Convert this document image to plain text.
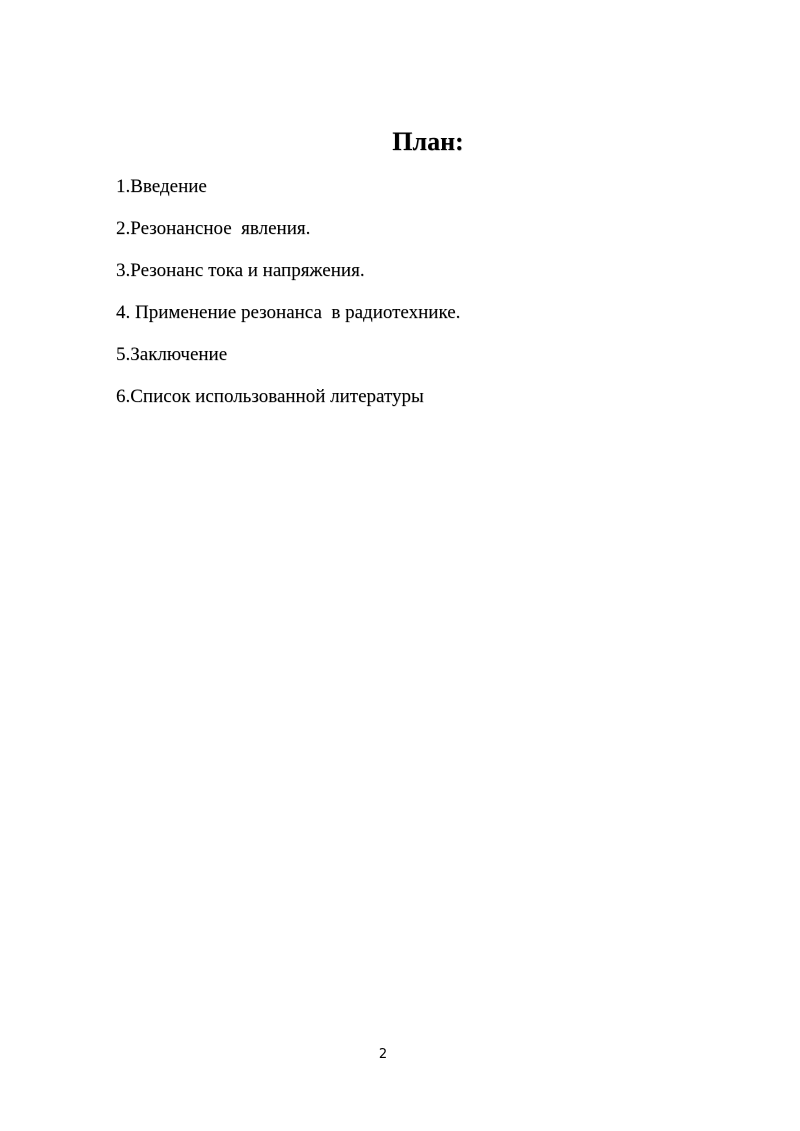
План:
1.Введение
2.Резонансное  явления.
3.Резонанс тока и напряжения.
4. Применение резонанса  в радиотехнике.
5.Заключение
6.Список использованной литературы
2
